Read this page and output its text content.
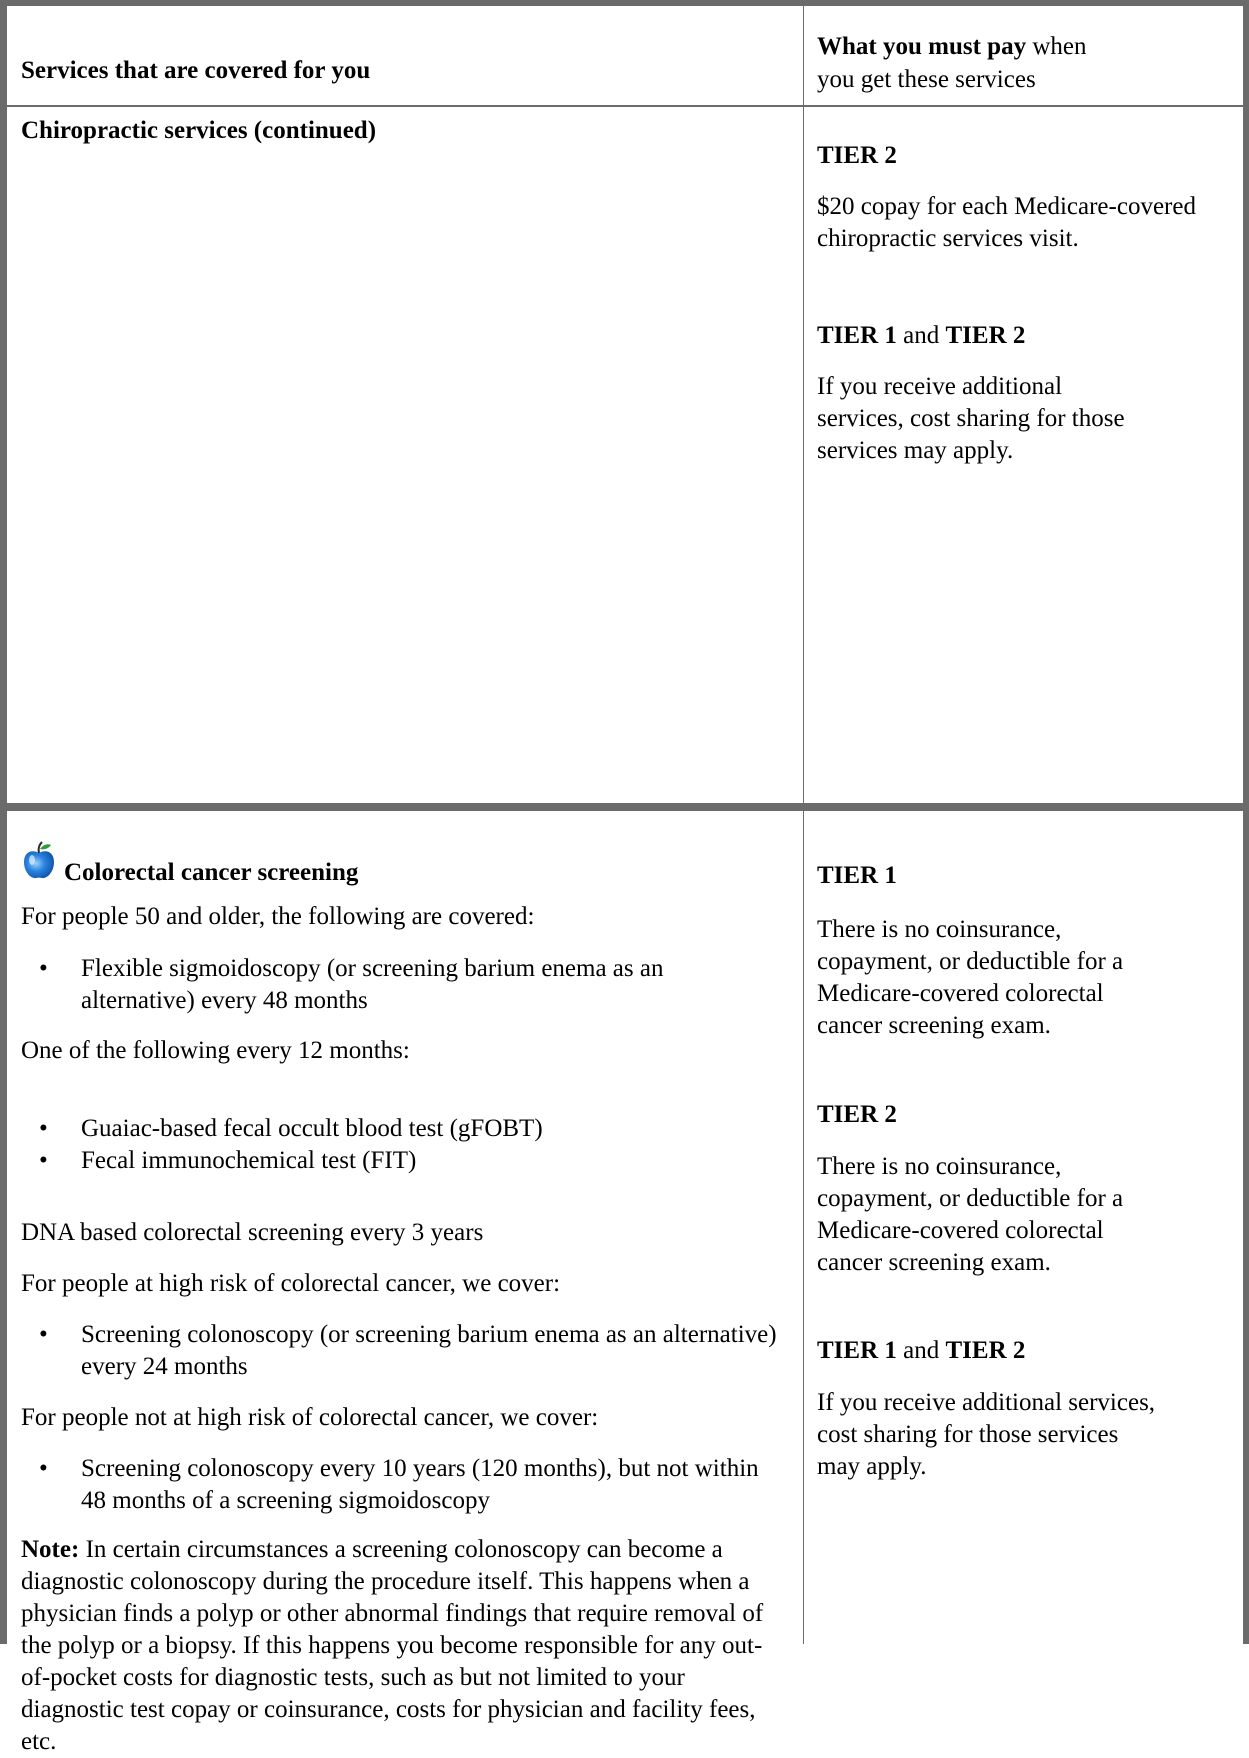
Services that are covered for you
What you must pay when
you get these services
Chiropractic services (continued)

TIER 2

$20 copay for each Medicare-covered chiropractic services visit.

TIER 1 and TIER 2

If you receive additional services, cost sharing for those services may apply.

Colorectal cancer screening

For people 50 and older, the following are covered:

• Flexible sigmoidoscopy (or screening barium enema as an alternative) every 48 months

One of the following every 12 months:

• Guaiac-based fecal occult blood test (gFOBT)
• Fecal immunochemical test (FIT)

DNA based colorectal screening every 3 years

For people at high risk of colorectal cancer, we cover:

• Screening colonoscopy (or screening barium enema as an alternative) every 24 months

For people not at high risk of colorectal cancer, we cover:

• Screening colonoscopy every 10 years (120 months), but not within 48 months of a screening sigmoidoscopy

Note: In certain circumstances a screening colonoscopy can become a diagnostic colonoscopy during the procedure itself. This happens when a physician finds a polyp or other abnormal findings that require removal of the polyp or a biopsy. If this happens you become responsible for any out-of-pocket costs for diagnostic tests, such as but not limited to your diagnostic test copay or coinsurance, costs for physician and facility fees, etc.

TIER 1

There is no coinsurance, copayment, or deductible for a Medicare-covered colorectal cancer screening exam.

TIER 2

There is no coinsurance, copayment, or deductible for a Medicare-covered colorectal cancer screening exam.

TIER 1 and TIER 2

If you receive additional services, cost sharing for those services may apply.
